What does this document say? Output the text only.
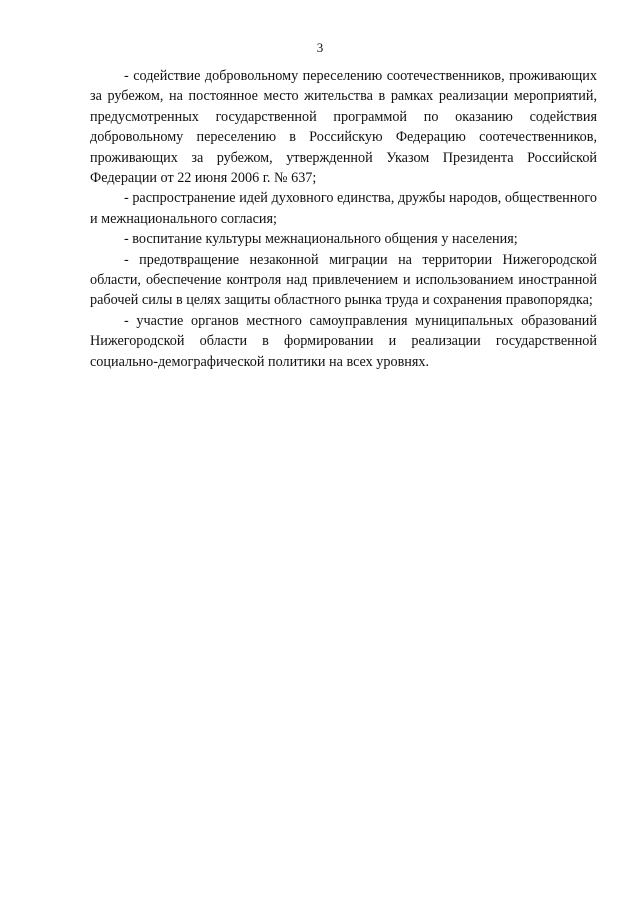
3

- содействие добровольному переселению соотечественников, проживающих за рубежом, на постоянное место жительства в рамках реализации мероприятий, предусмотренных государственной программой по оказанию содействия добровольному переселению в Российскую Федерацию соотечественников, проживающих за рубежом, утвержденной Указом Президента Российской Федерации от 22 июня 2006 г. № 637;

- распространение идей духовного единства, дружбы народов, общественного и межнационального согласия;

- воспитание культуры межнационального общения у населения;

- предотвращение незаконной миграции на территории Нижегородской области, обеспечение контроля над привлечением и использованием иностранной рабочей силы в целях защиты областного рынка труда и сохранения правопорядка;

- участие органов местного самоуправления муниципальных образований Нижегородской области в формировании и реализации государственной социально-демографической политики на всех уровнях.
